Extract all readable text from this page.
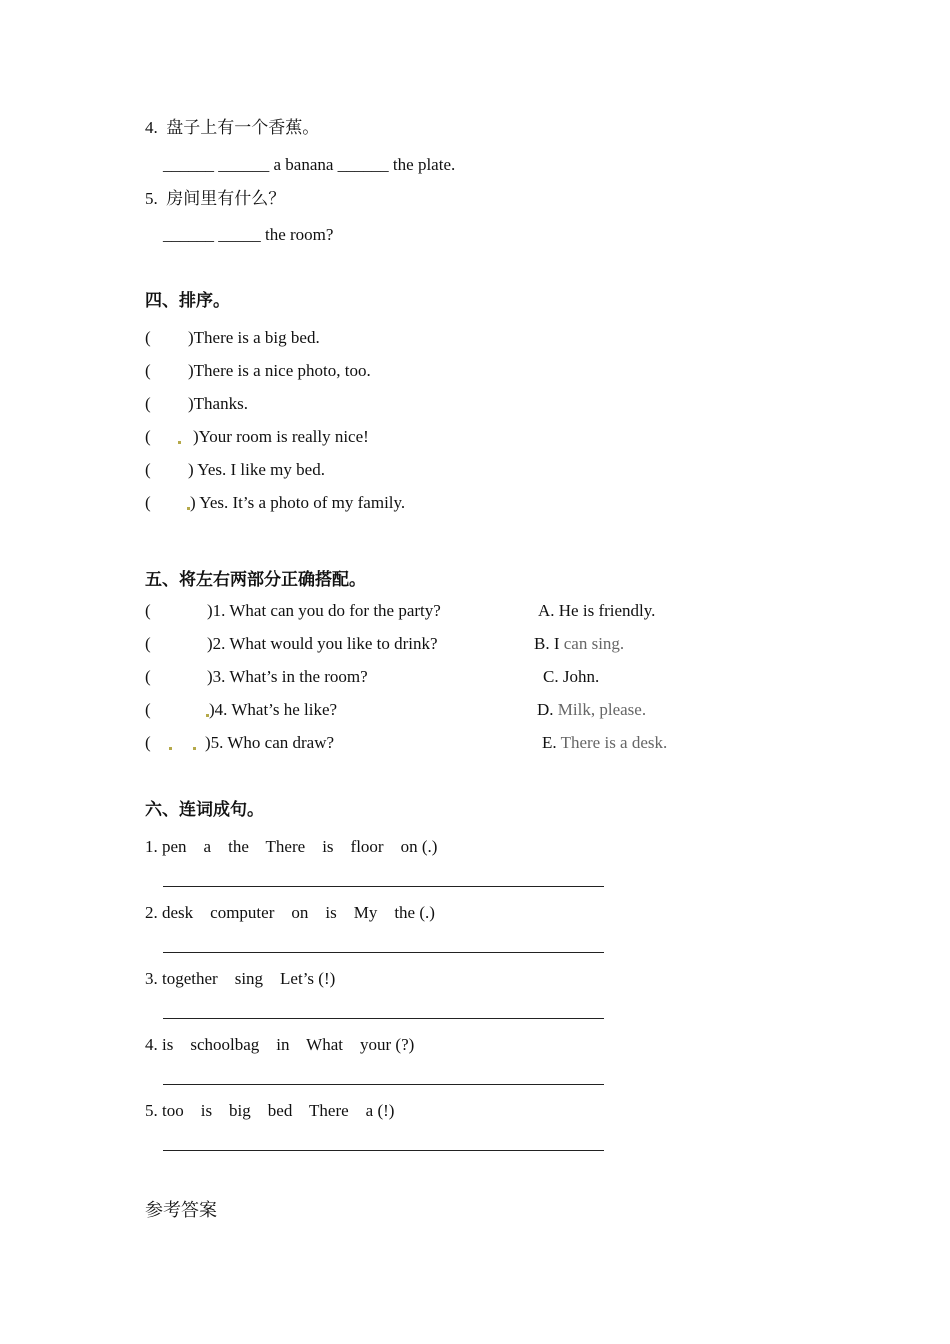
4.  盘子上有一个香蕉。
______ ______ a banana ______ the plate.
5.  房间里有什么？
______ _____ the room?
四、排序。
( )There is a big bed.
( )There is a nice photo, too.
( )Thanks.
( )Your room is really nice!
( ) Yes. I like my bed.
( ) Yes. It’s a photo of my family.
五、将左右两部分正确搭配。
(	)1. What can you do for the party?	A. He is friendly.
(	)2. What would you like to drink?	B. I can sing.
(	)3. What’s in the room?	C. John.
(	)4. What’s he like?	D. Milk, please.
(	)5. Who can draw?	E. There is a desk.
六、连词成句。
1. pen    a    the    There    is    floor    on (.)
2. desk    computer    on    is    My    the (.)
3. together    sing    Let’s (!)
4. is    schoolbag    in    What    your (?)
5. too    is    big    bed    There    a (!)
参考答案
